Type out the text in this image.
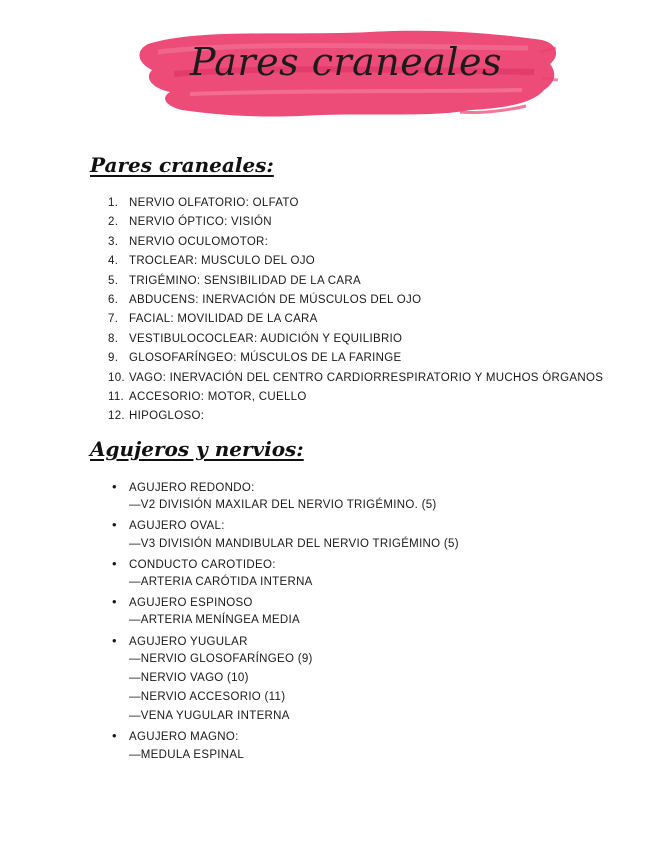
Pares craneales
Pares craneales:
1. NERVIO OLFATORIO: OLFATO
2. NERVIO ÓPTICO: VISIÓN
3. NERVIO OCULOMOTOR:
4. TROCLEAR: MUSCULO DEL OJO
5. TRIGÉMINO: SENSIBILIDAD DE LA CARA
6. ABDUCENS: INERVACIÓN DE MÚSCULOS DEL OJO
7. FACIAL: MOVILIDAD DE LA CARA
8. VESTIBULOCOCLEAR: AUDICIÓN Y EQUILIBRIO
9. GLOSOFARÍNGEO: MÚSCULOS DE LA FARINGE
10. VAGO: INERVACIÓN DEL CENTRO CARDIORRESPIRATORIO Y MUCHOS ÓRGANOS
11. ACCESORIO: MOTOR, CUELLO
12. HIPOGLOSO:
Agujeros y nervios:
• AGUJERO REDONDO:
—V2 DIVISIÓN MAXILAR DEL NERVIO TRIGÉMINO. (5)
• AGUJERO OVAL:
—V3 DIVISIÓN MANDIBULAR DEL NERVIO TRIGÉMINO (5)
• CONDUCTO CAROTIDEO:
—ARTERIA CARÓTIDA INTERNA
• AGUJERO ESPINOSO
—ARTERIA MENÍNGEA MEDIA
• AGUJERO YUGULAR
—NERVIO GLOSOFARÍNGEO (9)
—NERVIO VAGO (10)
—NERVIO ACCESORIO (11)
—VENA YUGULAR INTERNA
• AGUJERO MAGNO:
—MEDULA ESPINAL
